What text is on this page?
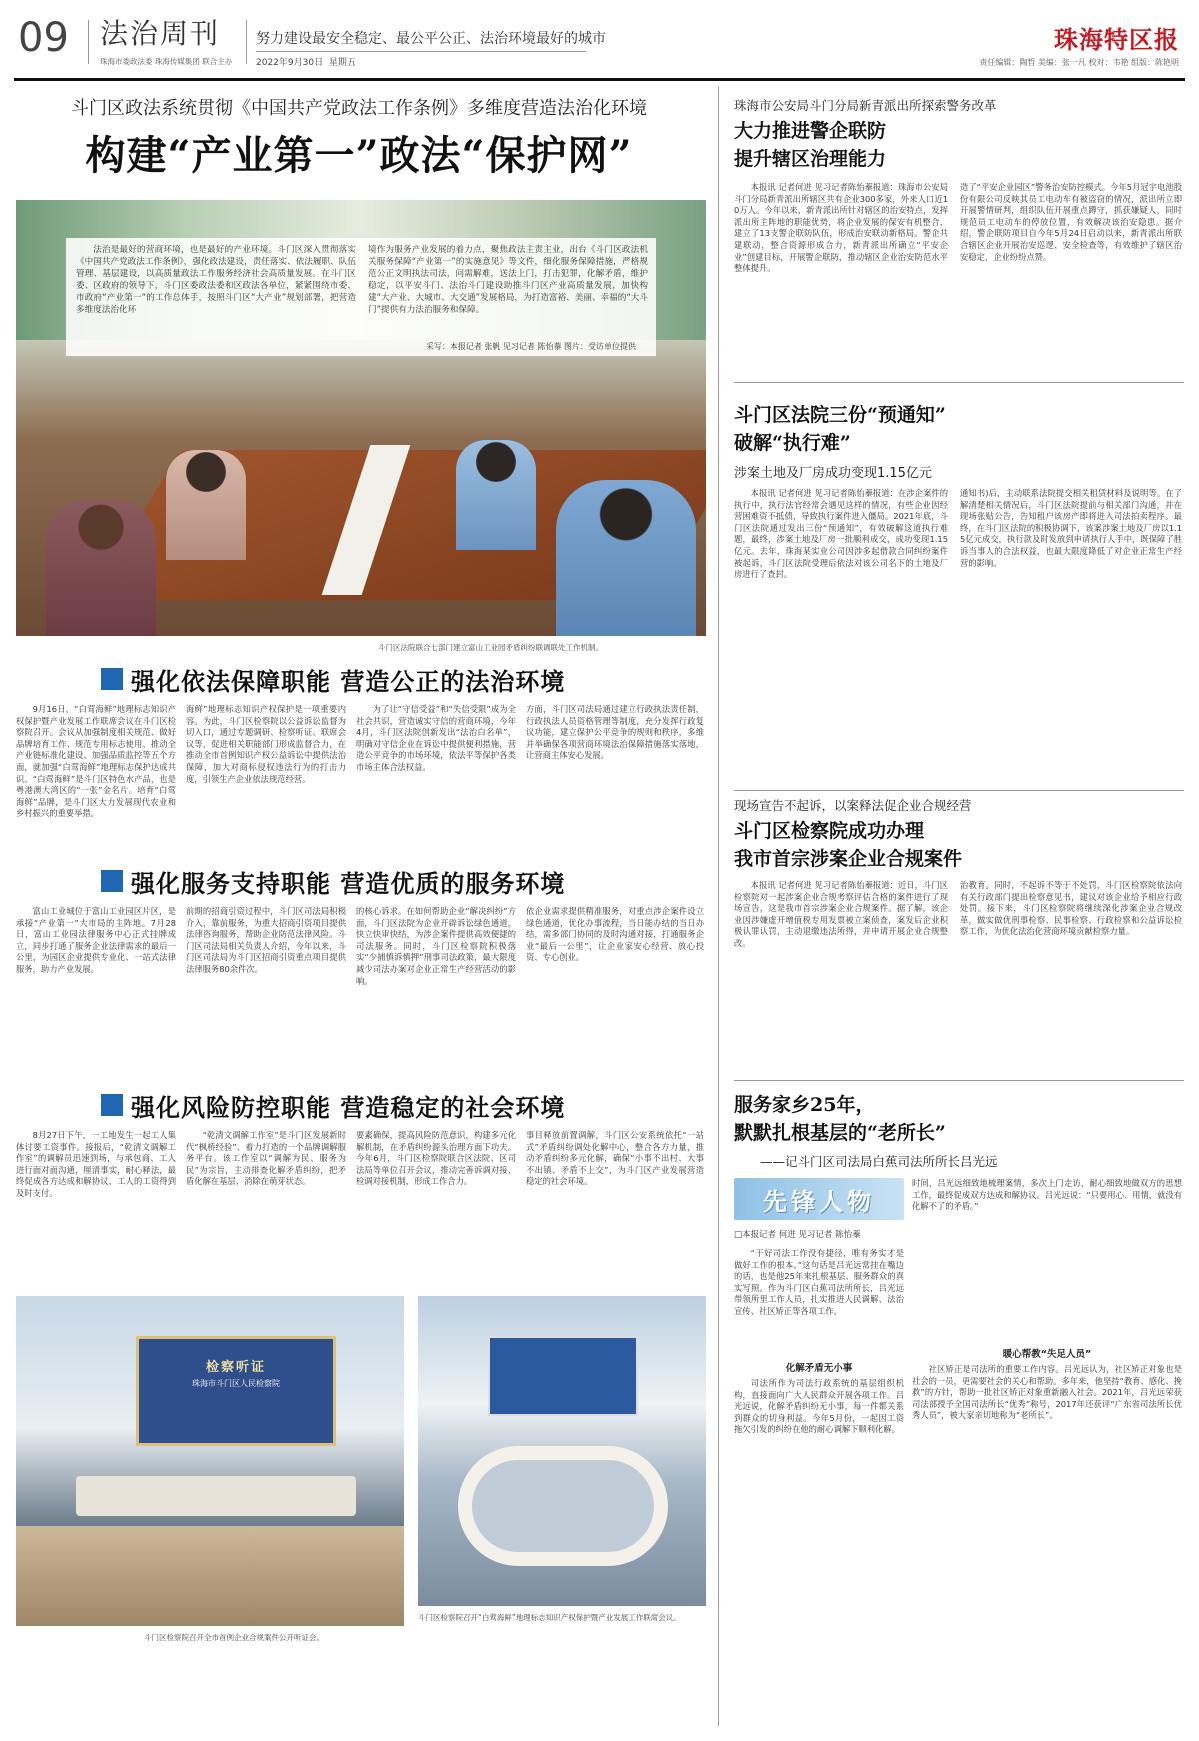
09 法治周刊
珠海市委政法委 珠海传媒集团 联合主办
努力建设最安全稳定、最公平公正、法治环境最好的城市
2022年9月30日 星期五
珠海特区报
责任编辑：陶哲 美编：张一凡 校对：韦艳 组版：陈艳明
斗门区政法系统贯彻《中国共产党政法工作条例》多维度营造法治化环境
构建“产业第一”政法“保护网”
法治是最好的营商环境，也是最好的产业环境。斗门区深入贯彻落实《中国共产党政法工作条例》，强化政法建设，责任落实、依法履职、队伍管理、基层建设，以高质量政法工作服务经济社会高质量发展。在斗门区委、区政府的领导下，斗门区委政法委和区政法各单位，紧紧围绕市委、市政府“产业第一”的工作总体手，按照斗门区“大产业”规划部署，把营造多维度法治化环
境作为服务产业发展的着力点，聚焦政法主责主业，出台《斗门区政法机关服务保障“产业第一”的实施意见》等文件，细化服务保障措施，严格规范公正文明执法司法，问需解难，送法上门，打击犯罪，化解矛盾，维护稳定，以平安斗门、法治斗门建设助推斗门区产业高质量发展，加快构建“大产业、大城市、大交通”发展格局，为打造富裕、美丽、幸福的“大斗门”提供有力法治服务和保障。
采写：本报记者 张帆 见习记者 陈怡蓁 图片：受访单位提供
斗门区法院联合七部门建立富山工业园矛盾纠纷联调联处工作机制。
强化依法保障职能 营造公正的法治环境
9月16日，“白莺海鲜”地理标志知识产权保护暨产业发展工作联席会议在斗门区检察院召开。会议从加强制度相关规范、做好品牌培育工作、规范专用标志使用、推动全产业链标准化建设、加强品质监控等五个方面，就加强“白莺海鲜”地理标志保护达成共识。“白莺海鲜”是斗门区特色水产品，也是粤港澳大湾区的“一张”金名片。培育“白莺海鲜”品牌，是斗门区大力发展现代农业和乡村振兴的重要举措。
海鲜”地理标志知识产权保护是一项重要内容。为此，斗门区检察院以公益诉讼监督为切入口，通过专题调研、检察听证、联席会议等，促进相关职能部门形成监督合力，在推动全市首例知识产权公益诉讼中提供法治保障，加大对商标侵权违法行为的打击力度，引领生产企业依法规范经营。
为了让“守信受益”和“失信受限”成为全社会共识，营造诚实守信的营商环境，今年4月，斗门区法院创新发出“法治白名单”，明确对守信企业在诉讼中提供便利措施，营造公平竞争的市场环境，依法平等保护各类市场主体合法权益。
方面，斗门区司法局通过建立行政执法责任制，行政执法人员资格管理等制度，充分发挥行政复议功能，建立保护公平竞争的规则和秩序，多维并举确保各项营商环境法治保障措施落实落地，让营商主体安心发展。
强化服务支持职能 营造优质的服务环境
富山工业城位于富山工业园区片区，是承接“产业第一”大市局的主阵地。7月28日，富山工业园法律服务中心正式挂牌成立，同步打通了服务企业法律需求的最后一公里，为园区企业提供专业化、一站式法律服务，助力产业发展。
前期的招商引资过程中，斗门区司法局积极介入，靠前服务，为重大招商引资项目提供法律咨询服务，帮助企业防范法律风险。斗门区司法局相关负责人介绍，今年以来，斗门区司法局为斗门区招商引资重点项目提供法律服务80余件次。
的核心诉求。在如何帮助企业“解决纠纷”方面，斗门区法院为企业开辟诉讼绿色通道，快立快审快结，为涉企案件提供高效便捷的司法服务。同时，斗门区检察院积极落实“少捕慎诉慎押”刑事司法政策，最大限度减少司法办案对企业正常生产经营活动的影响。
依企业需求提供精准服务，对重点涉企案件设立绿色通道，优化办事流程，当日能办结的当日办结，需多部门协同的及时沟通对接，打通服务企业“最后一公里”，让企业家安心经营、放心投资、专心创业。
强化风险防控职能 营造稳定的社会环境
8月27日下午，一工地发生一起工人集体讨要工资事件。接报后，“乾清文调解工作室”的调解员迅速到场，与承包商、工人进行面对面沟通，厘清事实，耐心释法，最终促成各方达成和解协议，工人的工资得到及时支付。
“乾清文调解工作室”是斗门区发展新时代“枫桥经验”、着力打造的一个品牌调解服务平台。该工作室以“调解为民、服务为民”为宗旨，主动排查化解矛盾纠纷，把矛盾化解在基层、消除在萌芽状态。
要素确保，提高风险防范意识，构建多元化解机制，在矛盾纠纷源头治理方面下功夫。今年6月，斗门区检察院联合区法院、区司法局等单位召开会议，推动完善诉调对接、检调对接机制，形成工作合力。
事目释放前置调解，斗门区公安系统依托“一站式”矛盾纠纷调处化解中心，整合各方力量，推动矛盾纠纷多元化解，确保“小事不出村、大事不出镇、矛盾不上交”，为斗门区产业发展营造稳定的社会环境。
检察听证
珠海市斗门区人民检察院
斗门区检察院召开全市首例企业合规案件公开听证会。
斗门区检察院召开“白莺海鲜”地理标志知识产权保护暨产业发展工作联席会议。
珠海市公安局斗门分局新青派出所探索警务改革
大力推进警企联防
提升辖区治理能力
本报讯 记者何进 见习记者陈怡蓁报道：珠海市公安局斗门分局新青派出所辖区共有企业300多家，外来人口近10万人。今年以来，新青派出所针对辖区的治安特点，发挥派出所主阵地的职能优势，将企业发展的保安有机整合，建立了13支警企联防队伍，形成治安联动新格局。警企共建联动，整合资源形成合力，新青派出所确立“平安企业”创建目标，开展警企联防，推动辖区企业治安防范水平整体提升。
造了“平安企业园区”警务治安防控模式。今年5月冠宇电池股份有限公司反映其员工电动车有被盗窃的情况，派出所立即开展警情研判，组织队伍开展重点蹲守，抓获嫌疑人，同时规范员工电动车的停放位置，有效解决该治安隐患。据介绍，警企联防项目自今年5月24日启动以来，新青派出所联合辖区企业开展治安巡逻、安全检查等，有效维护了辖区治安稳定，企业纷纷点赞。
斗门区法院三份“预通知”
破解“执行难”
涉案土地及厂房成功变现1.15亿元
本报讯 记者何进 见习记者陈怡蓁报道：在涉企案件的执行中，执行法官经常会遇见这样的情况，有些企业因经营困难资不抵债，导致执行案件进入僵局。2021年底，斗门区法院通过发出三份“预通知”，有效破解这道执行难题，最终，涉案土地及厂房一批顺利成交，成功变现1.15亿元。去年，珠海某实业公司因涉多起借款合同纠纷案件被起诉，斗门区法院受理后依法对该公司名下的土地及厂房进行了查封。
通知书)后，主动联系法院提交相关租赁材料及说明等。在了解清楚相关情况后，斗门区法院提前与相关部门沟通，并在现场张贴公告，告知租户该房产即将进入司法拍卖程序。最终，在斗门区法院的积极协调下，该案涉案土地及厂房以1.15亿元成交，执行款及时发放到申请执行人手中，既保障了胜诉当事人的合法权益，也最大限度降低了对企业正常生产经营的影响。
现场宣告不起诉，以案释法促企业合规经营
斗门区检察院成功办理
我市首宗涉案企业合规案件
本报讯 记者何进 见习记者陈怡蓁报道：近日，斗门区检察院对一起涉案企业合规考察评估合格的案件进行了现场宣告，这是我市首宗涉案企业合规案件。据了解，该企业因涉嫌虚开增值税专用发票被立案侦查，案发后企业积极认罪认罚，主动退缴违法所得，并申请开展企业合规整改。
治教育。同时，不起诉不等于不处罚，斗门区检察院依法向有关行政部门提出检察意见书，建议对该企业给予相应行政处罚。接下来，斗门区检察院将继续深化涉案企业合规改革，做实做优刑事检察、民事检察、行政检察和公益诉讼检察工作，为优化法治化营商环境贡献检察力量。
服务家乡25年，
默默扎根基层的“老所长”
——记斗门区司法局白蕉司法所所长吕光远
先锋人物
□本报记者 何进 见习记者 陈怡蓁
“干好司法工作没有捷径，唯有务实才是做好工作的根本。”这句话是吕光远常挂在嘴边的话，也是他25年来扎根基层、服务群众的真实写照。作为斗门区白蕉司法所所长，吕光远带领所里工作人员，扎实推进人民调解、法治宣传、社区矫正等各项工作。
化解矛盾无小事
司法所作为司法行政系统的基层组织机构，直接面向广大人民群众开展各项工作。吕光远说，化解矛盾纠纷无小事，每一件都关系到群众的切身利益。今年5月份，一起因工资拖欠引发的纠纷在他的耐心调解下顺利化解。
时间，吕光远细致地梳理案情，多次上门走访，耐心细致地做双方的思想工作，最终促成双方达成和解协议。吕光远说：“只要用心、用情，就没有化解不了的矛盾。”
暖心帮教“失足人员”
社区矫正是司法所的重要工作内容。吕光远认为，社区矫正对象也是社会的一员，更需要社会的关心和帮助。多年来，他坚持“教育、感化、挽救”的方针，帮助一批社区矫正对象重新融入社会。2021年，吕光远荣获司法部授予全国司法所长“优秀”称号，2017年还获评“广东省司法所长优秀人员”，被大家亲切地称为“老所长”。
